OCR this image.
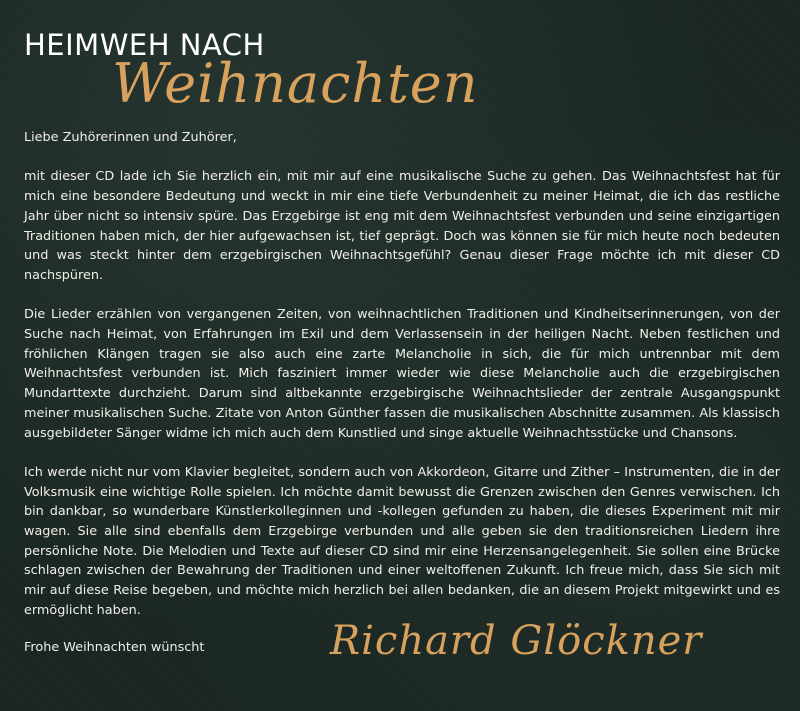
HEIMWEH NACH
Weihnachten

Liebe Zuhörerinnen und Zuhörer,

mit dieser CD lade ich Sie herzlich ein, mit mir auf eine musikalische Suche zu gehen. Das Weihnachtsfest hat für mich eine besondere Bedeutung und weckt in mir eine tiefe Verbundenheit zu meiner Heimat, die ich das restliche Jahr über nicht so intensiv spüre. Das Erzgebirge ist eng mit dem Weihnachtsfest verbunden und seine einzigartigen Traditionen haben mich, der hier aufgewachsen ist, tief geprägt. Doch was können sie für mich heute noch bedeuten und was steckt hinter dem erzgebirgischen Weihnachtsgefühl? Genau dieser Frage möchte ich mit dieser CD nachspüren.

Die Lieder erzählen von vergangenen Zeiten, von weihnachtlichen Traditionen und Kindheitserinnerungen, von der Suche nach Heimat, von Erfahrungen im Exil und dem Verlassensein in der heiligen Nacht. Neben festlichen und fröhlichen Klängen tragen sie also auch eine zarte Melancholie in sich, die für mich untrennbar mit dem Weihnachtsfest verbunden ist. Mich fasziniert immer wieder wie diese Melancholie auch die erzgebirgischen Mundarttexte durchzieht. Darum sind altbekannte erzgebirgische Weihnachtslieder der zentrale Ausgangspunkt meiner musikalischen Suche. Zitate von Anton Günther fassen die musikalischen Abschnitte zusammen. Als klassisch ausgebildeter Sänger widme ich mich auch dem Kunstlied und singe aktuelle Weihnachtsstücke und Chansons.

Ich werde nicht nur vom Klavier begleitet, sondern auch von Akkordeon, Gitarre und Zither – Instrumenten, die in der Volksmusik eine wichtige Rolle spielen. Ich möchte damit bewusst die Grenzen zwischen den Genres verwischen. Ich bin dankbar, so wunderbare Künstlerkolleginnen und -kollegen gefunden zu haben, die dieses Experiment mit mir wagen. Sie alle sind ebenfalls dem Erzgebirge verbunden und alle geben sie den traditionsreichen Liedern ihre persönliche Note. Die Melodien und Texte auf dieser CD sind mir eine Herzensangelegenheit. Sie sollen eine Brücke schlagen zwischen der Bewahrung der Traditionen und einer weltoffenen Zukunft. Ich freue mich, dass Sie sich mit mir auf diese Reise begeben, und möchte mich herzlich bei allen bedanken, die an diesem Projekt mitgewirkt und es ermöglicht haben.

Frohe Weihnachten wünscht	Richard Glöckner
